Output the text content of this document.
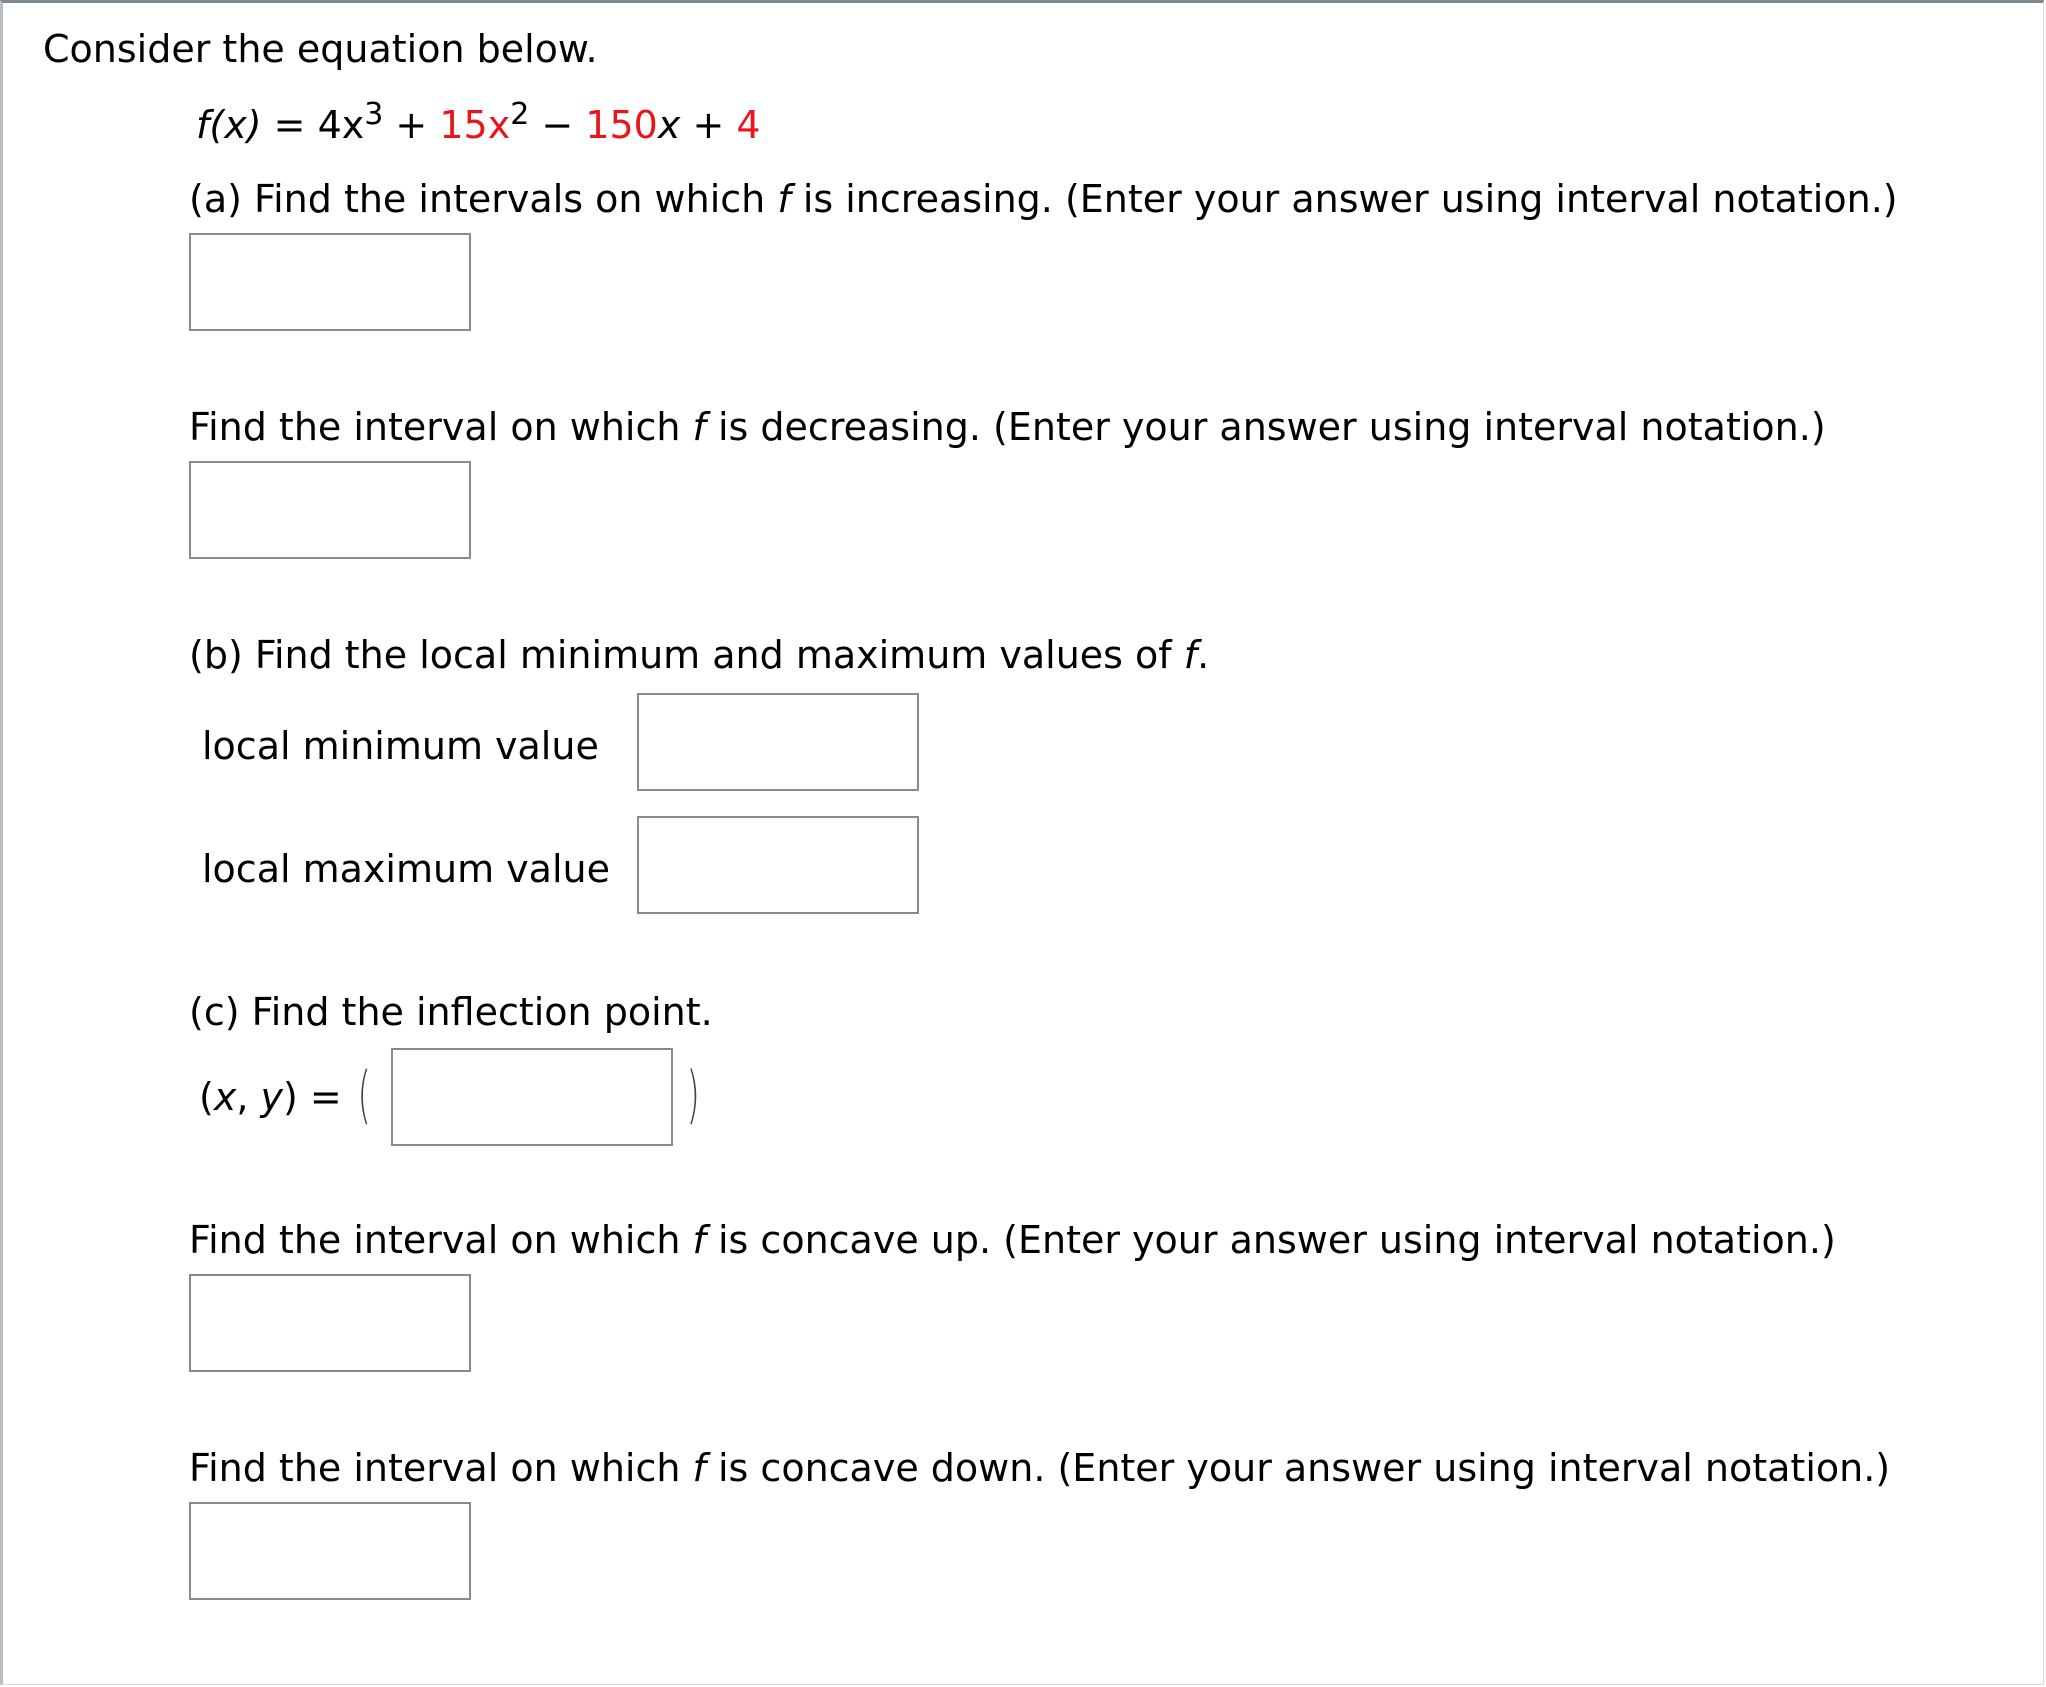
Consider the equation below.
$f(x) = 4x^3 + 15x^2 - 150x + 4$
(a) Find the intervals on which f is increasing. (Enter your answer using interval notation.)
Find the interval on which f is decreasing. (Enter your answer using interval notation.)
(b) Find the local minimum and maximum values of f.
local minimum value
local maximum value
(c) Find the inflection point.
(x, y) = (	)
Find the interval on which f is concave up. (Enter your answer using interval notation.)
Find the interval on which f is concave down. (Enter your answer using interval notation.)
